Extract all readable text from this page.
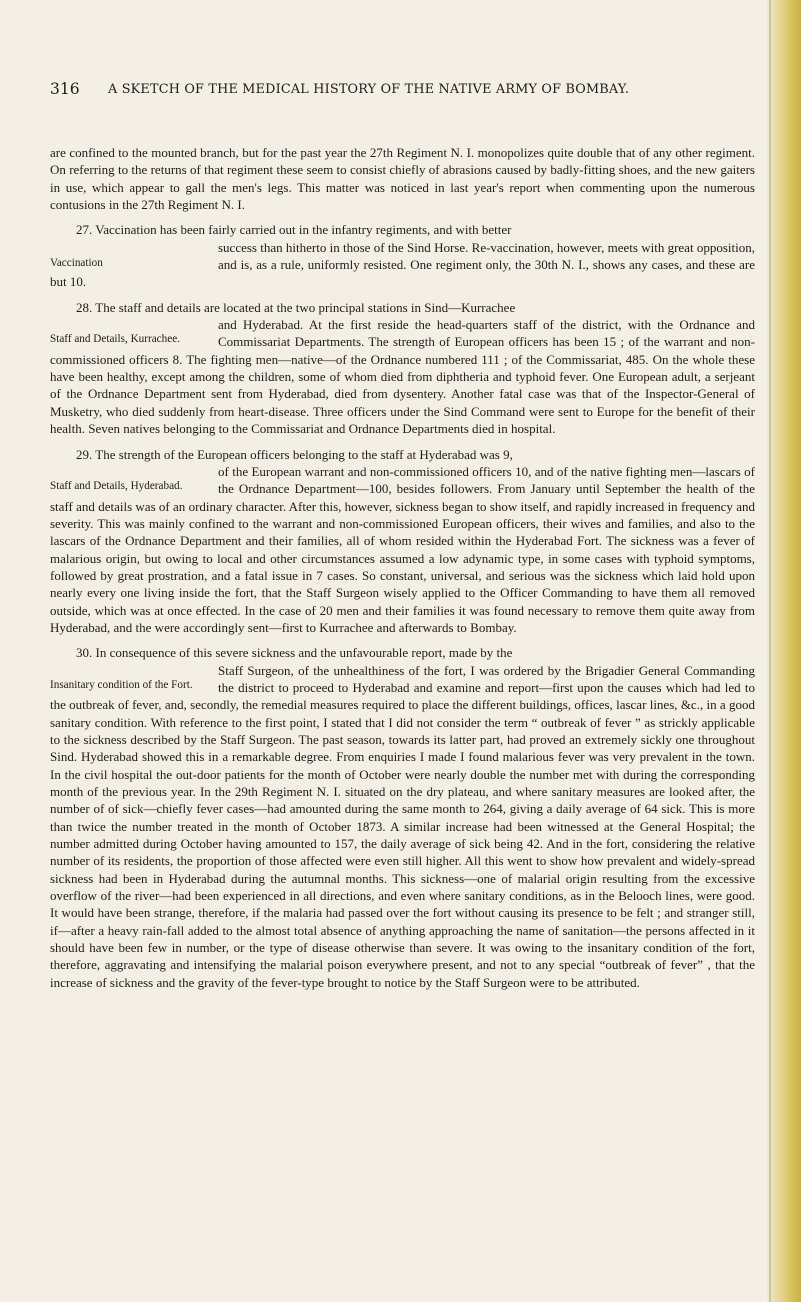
316 A SKETCH OF THE MEDICAL HISTORY OF THE NATIVE ARMY OF BOMBAY.

are confined to the mounted branch, but for the past year the 27th Regiment N. I. monopolizes quite double that of any other regiment. On referring to the returns of that regiment these seem to consist chiefly of abrasions caused by badly-fitting shoes, and the new gaiters in use, which appear to gall the men's legs. This matter was noticed in last year's report when commenting upon the numerous contusions in the 27th Regiment N. I.

27. Vaccination has been fairly carried out in the infantry regiments, and with better

Vaccination

success than hitherto in those of the Sind Horse. Re-vaccination, however, meets with great opposition, and is, as a rule, uniformly resisted. One regiment only, the 30th N. I., shows any cases, and these are but 10.

28. The staff and details are located at the two principal stations in Sind—Kurrachee

Staff and Details, Kurrachee.

and Hyderabad. At the first reside the head-quarters staff of the district, with the Ordnance and Commissariat Departments. The strength of European officers has been 15 ; of the warrant and non-commissioned officers 8. The fighting men—native—of the Ordnance numbered 111 ; of the Commissariat, 485. On the whole these have been healthy, except among the children, some of whom died from diphtheria and typhoid fever. One European adult, a serjeant of the Ordnance Department sent from Hyderabad, died from dysentery. Another fatal case was that of the Inspector-General of Musketry, who died suddenly from heart-disease. Three officers under the Sind Command were sent to Europe for the benefit of their health. Seven natives belonging to the Commissariat and Ordnance Departments died in hospital.

29. The strength of the European officers belonging to the staff at Hyderabad was 9,

Staff and Details, Hyderabad.

of the European warrant and non-commissioned officers 10, and of the native fighting men—lascars of the Ordnance Department—100, besides followers. From January until September the health of the staff and details was of an ordinary character. After this, however, sickness began to show itself, and rapidly increased in frequency and severity. This was mainly confined to the warrant and non-commissioned European officers, their wives and families, and also to the lascars of the Ordnance Department and their families, all of whom resided within the Hyderabad Fort. The sickness was a fever of malarious origin, but owing to local and other circumstances assumed a low adynamic type, in some cases with typhoid symptoms, followed by great prostration, and a fatal issue in 7 cases. So constant, universal, and serious was the sickness which laid hold upon nearly every one living inside the fort, that the Staff Surgeon wisely applied to the Officer Commanding to have them all removed outside, which was at once effected. In the case of 20 men and their families it was found necessary to remove them quite away from Hyderabad, and the were accordingly sent—first to Kurrachee and afterwards to Bombay.

30. In consequence of this severe sickness and the unfavourable report, made by the

Insanitary condition of the Fort.

Staff Surgeon, of the unhealthiness of the fort, I was ordered by the Brigadier General Commanding the district to proceed to Hyderabad and examine and report—first upon the causes which had led to the outbreak of fever, and, secondly, the remedial measures required to place the different buildings, offices, lascar lines, &c., in a good sanitary condition. With reference to the first point, I stated that I did not consider the term “ outbreak of fever ” as strickly applicable to the sickness described by the Staff Surgeon. The past season, towards its latter part, had proved an extremely sickly one throughout Sind. Hyderabad showed this in a remarkable degree. From enquiries I made I found malarious fever was very prevalent in the town. In the civil hospital the out-door patients for the month of October were nearly double the number met with during the corresponding month of the previous year. In the 29th Regiment N. I. situated on the dry plateau, and where sanitary measures are looked after, the number of of sick—chiefly fever cases—had amounted during the same month to 264, giving a daily average of 64 sick. This is more than twice the number treated in the month of October 1873. A similar increase had been witnessed at the General Hospital; the number admitted during October having amounted to 157, the daily average of sick being 42. And in the fort, considering the relative number of its residents, the proportion of those affected were even still higher. All this went to show how prevalent and widely-spread sickness had been in Hyderabad during the autumnal months. This sickness—one of malarial origin resulting from the excessive overflow of the river—had been experienced in all directions, and even where sanitary conditions, as in the Belooch lines, were good. It would have been strange, therefore, if the malaria had passed over the fort without causing its presence to be felt ; and stranger still, if—after a heavy rain-fall added to the almost total absence of anything approaching the name of sanitation—the persons affected in it should have been few in number, or the type of disease otherwise than severe. It was owing to the insanitary condition of the fort, therefore, aggravating and intensifying the malarial poison everywhere present, and not to any special “outbreak of fever” , that the increase of sickness and the gravity of the fever-type brought to notice by the Staff Surgeon were to be attributed.
